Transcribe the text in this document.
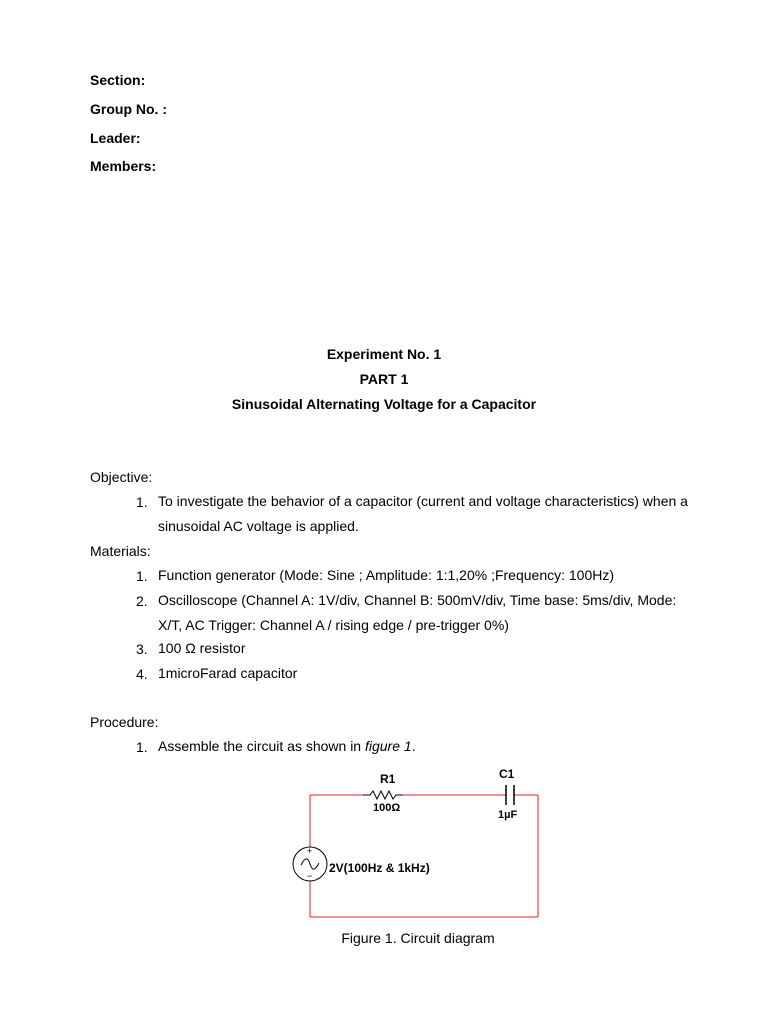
Section:
Group No. :
Leader:
Members:
Experiment No. 1
PART 1
Sinusoidal Alternating Voltage for a Capacitor
Objective:
1. To investigate the behavior of a capacitor (current and voltage characteristics) when a sinusoidal AC voltage is applied.
Materials:
1. Function generator (Mode: Sine ; Amplitude: 1:1,20% ;Frequency: 100Hz)
2. Oscilloscope (Channel A: 1V/div, Channel B: 500mV/div, Time base: 5ms/div, Mode: X/T, AC Trigger: Channel A / rising edge / pre-trigger 0%)
3. 100 Ω resistor
4. 1microFarad capacitor
Procedure:
1. Assemble the circuit as shown in figure 1.
+
−
R1
100Ω
C1
1µF
2V(100Hz & 1kHz)
Figure 1. Circuit diagram
